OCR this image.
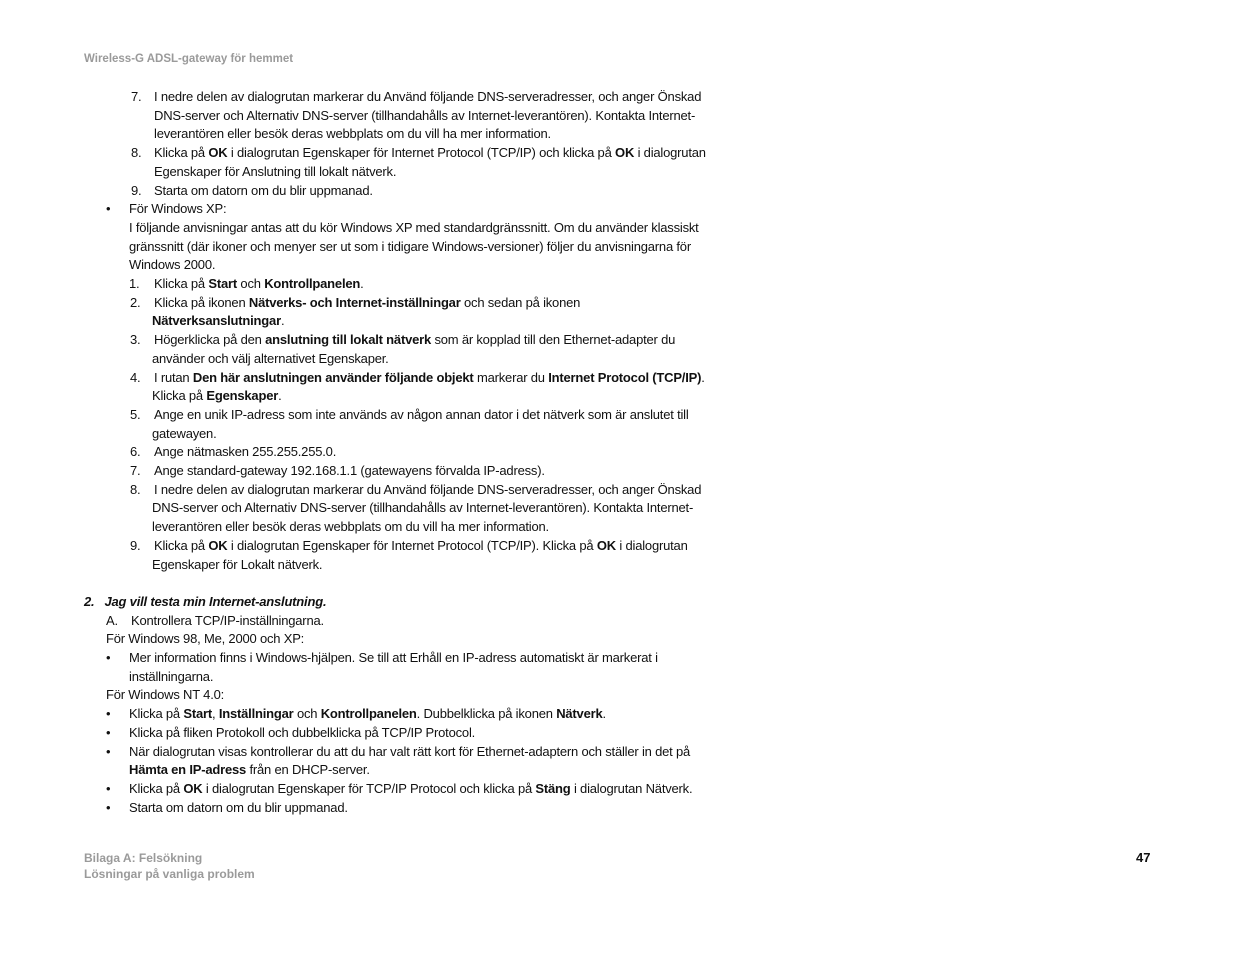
Wireless-G ADSL-gateway för hemmet
7. I nedre delen av dialogrutan markerar du Använd följande DNS-serveradresser, och anger Önskad
DNS-server och Alternativ DNS-server (tillhandahålls av Internet-leverantören). Kontakta Internet-
leverantören eller besök deras webbplats om du vill ha mer information.
8. Klicka på OK i dialogrutan Egenskaper för Internet Protocol (TCP/IP) och klicka på OK i dialogrutan
Egenskaper för Anslutning till lokalt nätverk.
9. Starta om datorn om du blir uppmanad.
• För Windows XP:
I följande anvisningar antas att du kör Windows XP med standardgränssnitt. Om du använder klassiskt
gränssnitt (där ikoner och menyer ser ut som i tidigare Windows-versioner) följer du anvisningarna för
Windows 2000.
1. Klicka på Start och Kontrollpanelen.
2. Klicka på ikonen Nätverks- och Internet-inställningar och sedan på ikonen
Nätverksanslutningar.
3. Högerklicka på den anslutning till lokalt nätverk som är kopplad till den Ethernet-adapter du
använder och välj alternativet Egenskaper.
4. I rutan Den här anslutningen använder följande objekt markerar du Internet Protocol (TCP/IP).
Klicka på Egenskaper.
5. Ange en unik IP-adress som inte används av någon annan dator i det nätverk som är anslutet till
gatewayen.
6. Ange nätmasken 255.255.255.0.
7. Ange standard-gateway 192.168.1.1 (gatewayens förvalda IP-adress).
8. I nedre delen av dialogrutan markerar du Använd följande DNS-serveradresser, och anger Önskad
DNS-server och Alternativ DNS-server (tillhandahålls av Internet-leverantören). Kontakta Internet-
leverantören eller besök deras webbplats om du vill ha mer information.
9. Klicka på OK i dialogrutan Egenskaper för Internet Protocol (TCP/IP). Klicka på OK i dialogrutan
Egenskaper för Lokalt nätverk.
2. Jag vill testa min Internet-anslutning.
A. Kontrollera TCP/IP-inställningarna.
För Windows 98, Me, 2000 och XP:
• Mer information finns i Windows-hjälpen. Se till att Erhåll en IP-adress automatiskt är markerat i
inställningarna.
För Windows NT 4.0:
• Klicka på Start, Inställningar och Kontrollpanelen. Dubbelklicka på ikonen Nätverk.
• Klicka på fliken Protokoll och dubbelklicka på TCP/IP Protocol.
• När dialogrutan visas kontrollerar du att du har valt rätt kort för Ethernet-adaptern och ställer in det på
Hämta en IP-adress från en DHCP-server.
• Klicka på OK i dialogrutan Egenskaper för TCP/IP Protocol och klicka på Stäng i dialogrutan Nätverk.
• Starta om datorn om du blir uppmanad.
Bilaga A: Felsökning
Lösningar på vanliga problem
47
